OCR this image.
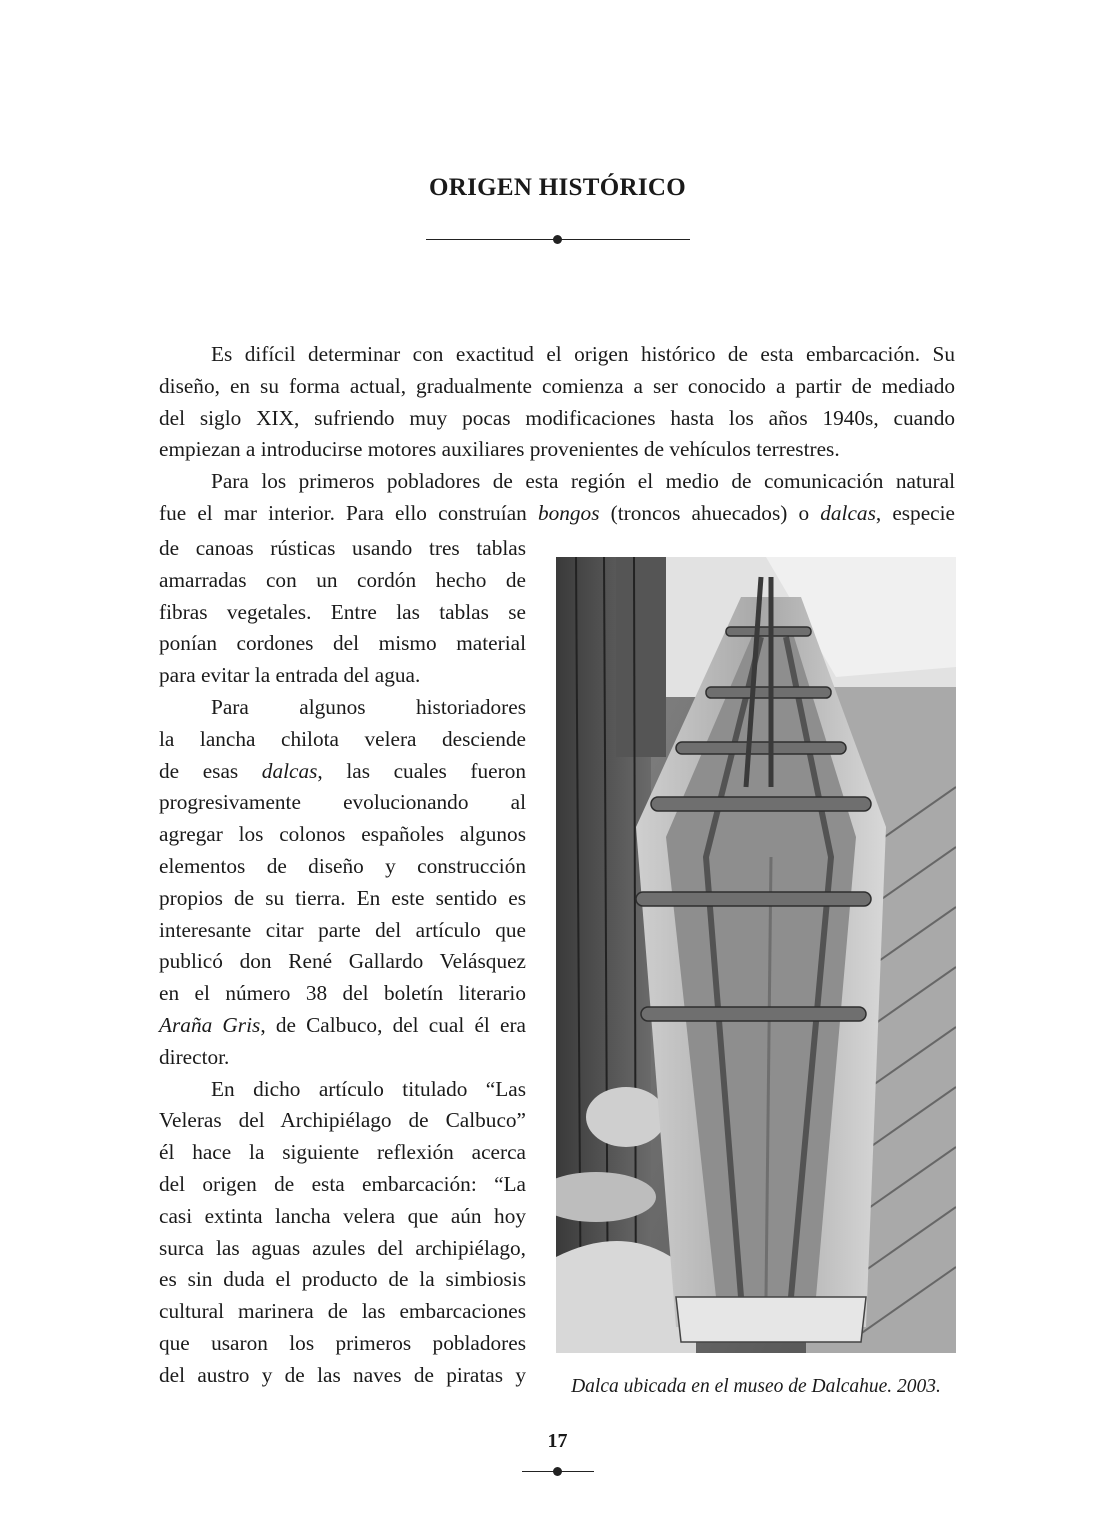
ORIGEN HISTÓRICO

Es difícil determinar con exactitud el origen histórico de esta embarcación. Su
diseño, en su forma actual, gradualmente comienza a ser conocido a partir de mediado
del siglo XIX, sufriendo muy pocas modificaciones hasta los años 1940s, cuando
empiezan a introducirse motores auxiliares provenientes de vehículos terrestres.

Para los primeros pobladores de esta región el medio de comunicación natural
fue el mar interior. Para ello construían bongos (troncos ahuecados) o dalcas, especie

de canoas rústicas usando tres tablas
amarradas con un cordón hecho de
fibras vegetales. Entre las tablas se
ponían cordones del mismo material
para evitar la entrada del agua.

Para algunos historiadores
la lancha chilota velera desciende
de esas dalcas, las cuales fueron
progresivamente evolucionando al
agregar los colonos españoles algunos
elementos de diseño y construcción
propios de su tierra. En este sentido es
interesante citar parte del artículo que
publicó don René Gallardo Velásquez
en el número 38 del boletín literario
Araña Gris, de Calbuco, del cual él era
director.

En dicho artículo titulado “Las
Veleras del Archipiélago de Calbuco”
él hace la siguiente reflexión acerca
del origen de esta embarcación: “La
casi extinta lancha velera que aún hoy
surca las aguas azules del archipiélago,
es sin duda el producto de la simbiosis
cultural marinera de las embarcaciones
que usaron los primeros pobladores
del austro y de las naves de piratas y	Dalca ubicada en el museo de Dalcahue. 2003.
17
